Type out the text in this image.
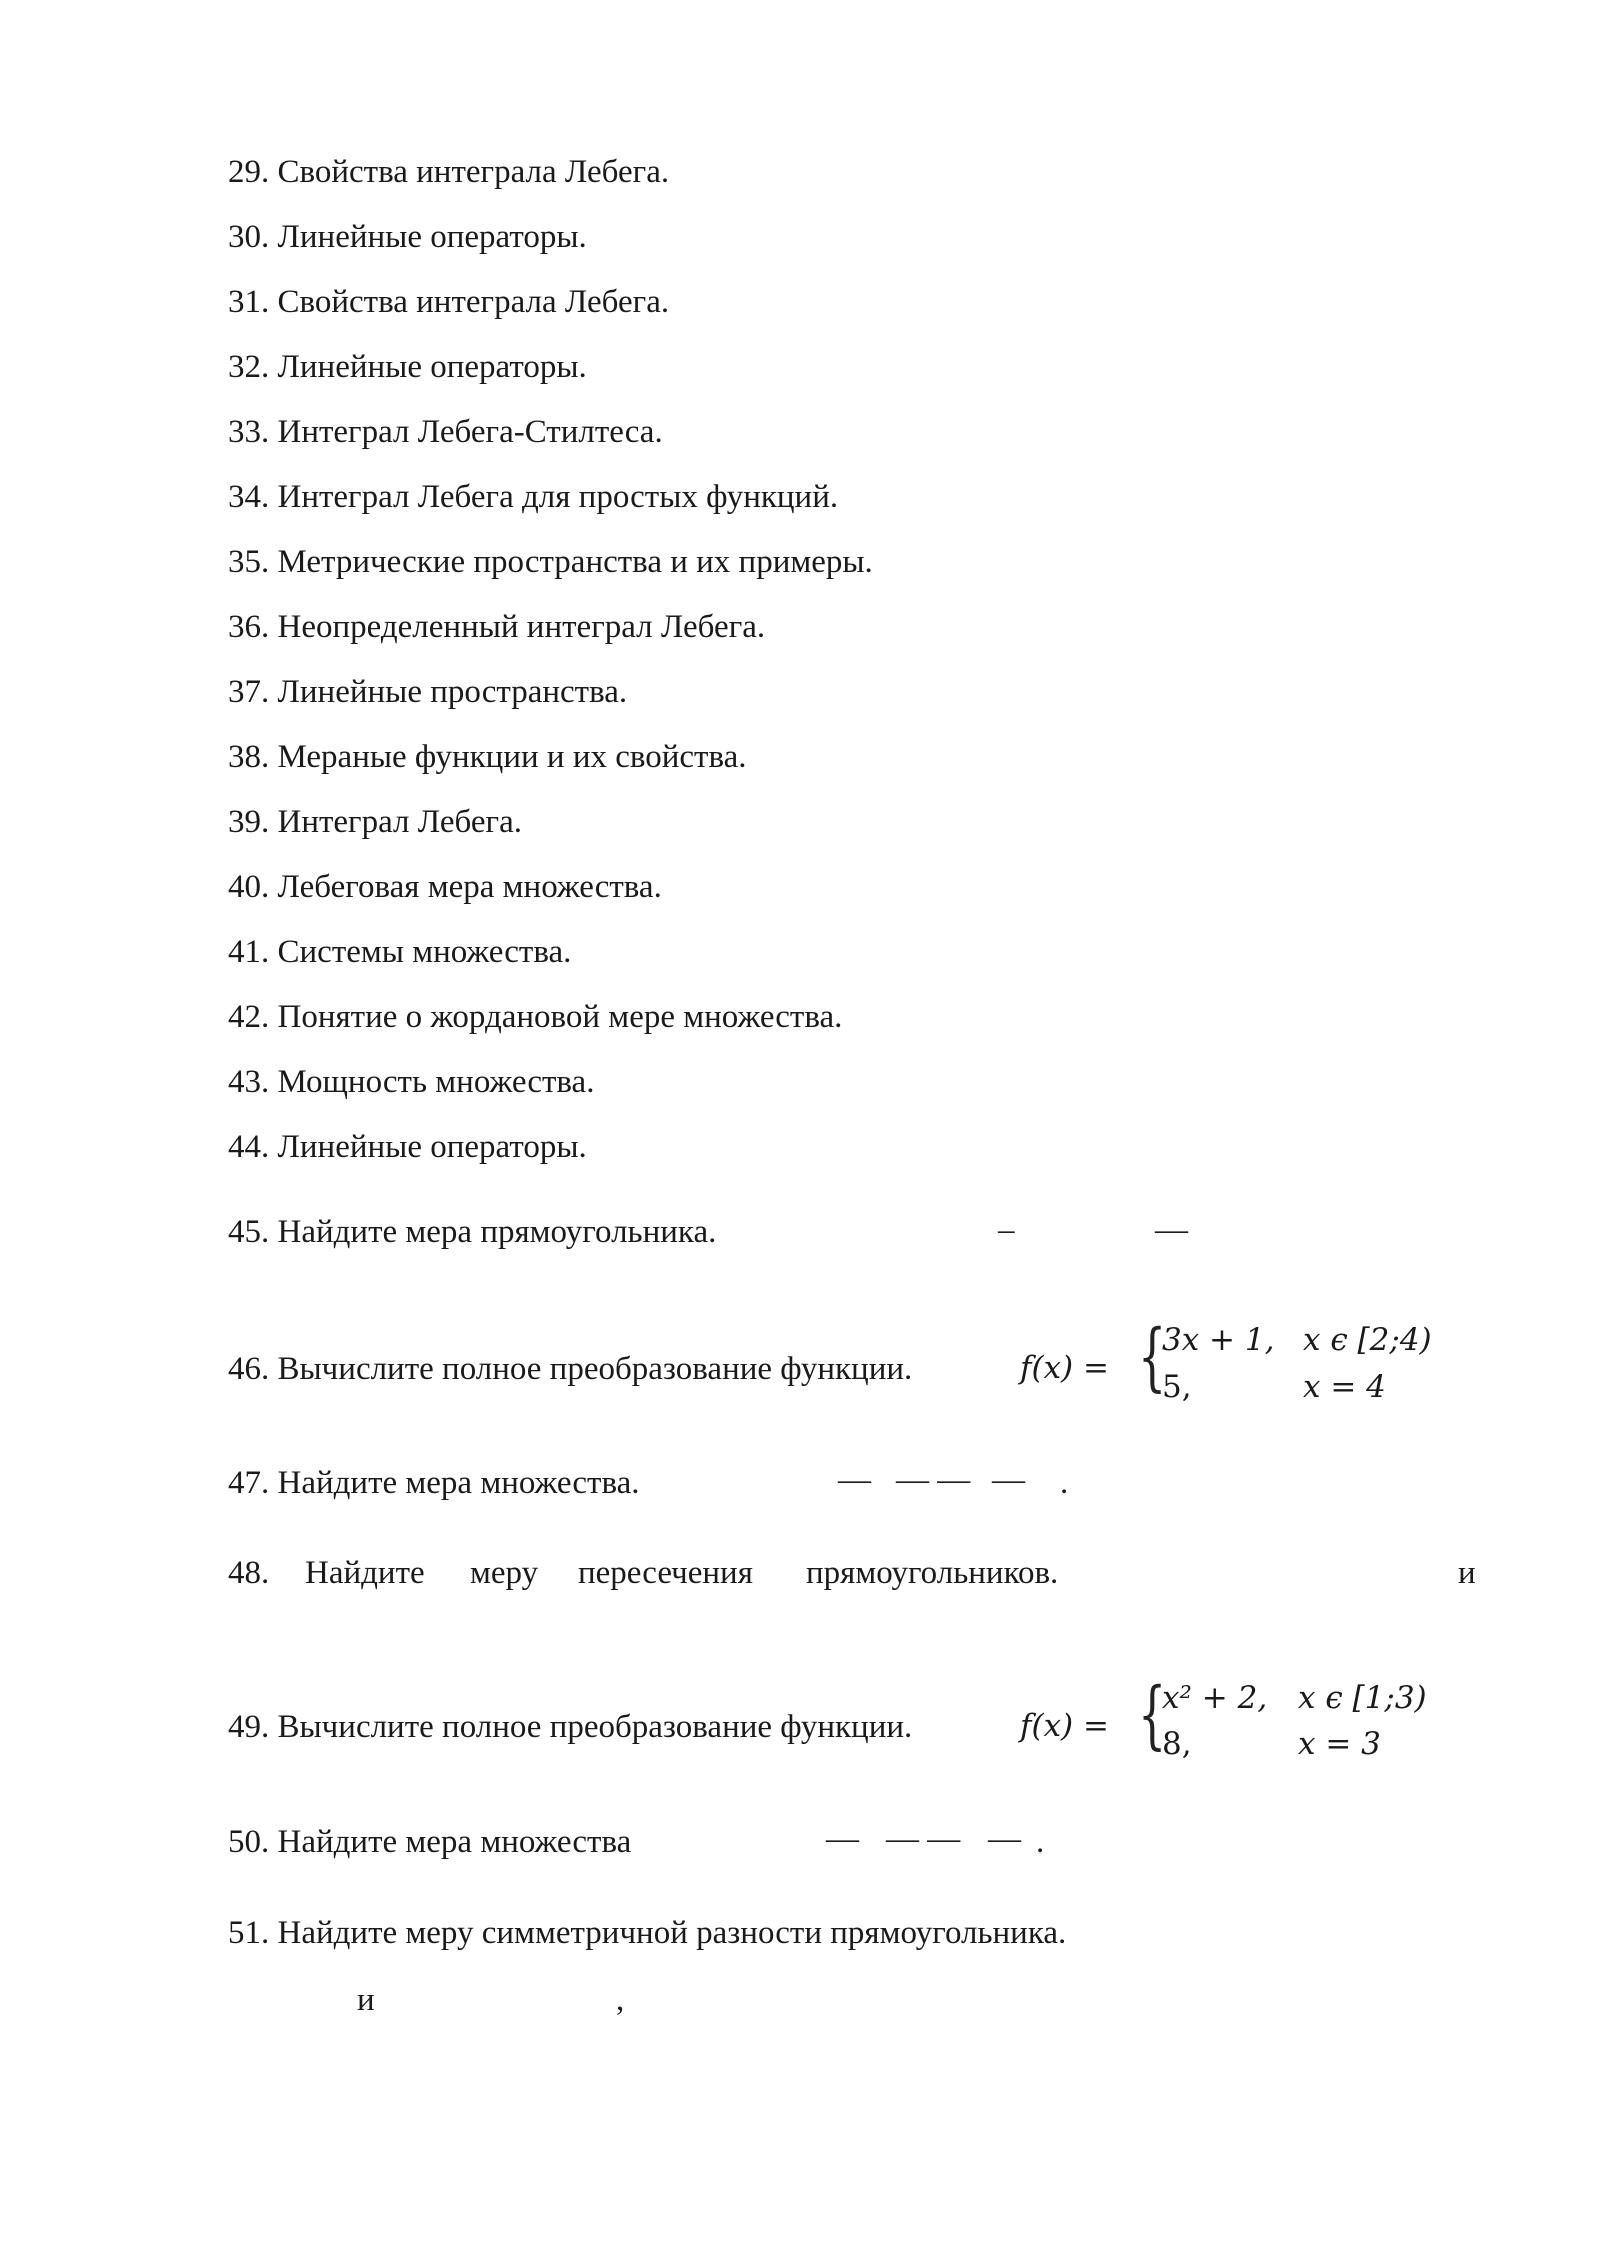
29. Свойства интеграла Лебега.
30. Линейные операторы.
31. Свойства интеграла Лебега.
32. Линейные операторы.
33. Интеграл Лебега-Стилтеса.
34. Интеграл Лебега для простых функций.
35. Метрические пространства и их примеры.
36. Неопределенный интеграл Лебега.
37. Линейные пространства.
38. Мераные функции и их свойства.
39. Интеграл Лебега.
40. Лебеговая мера множества.
41. Системы множества.
42. Понятие о жордановой мере множества.
43. Мощность множества.
44. Линейные операторы.
45. Найдите мера прямоугольника.	–	—
46. Вычислите полное преобразование функции.	f(x) = {
3x + 1, x ϵ [2;4)
5,	x = 4
47. Найдите мера множества.	— — — — .
48. Найдите меру пересечения прямоугольников.	и
49. Вычислите полное преобразование функции.	f(x) = {
x² + 2, x ϵ [1;3)
8,	x = 3
50. Найдите мера множества	— — — — .
51. Найдите меру симметричной разности прямоугольника.
и	,
